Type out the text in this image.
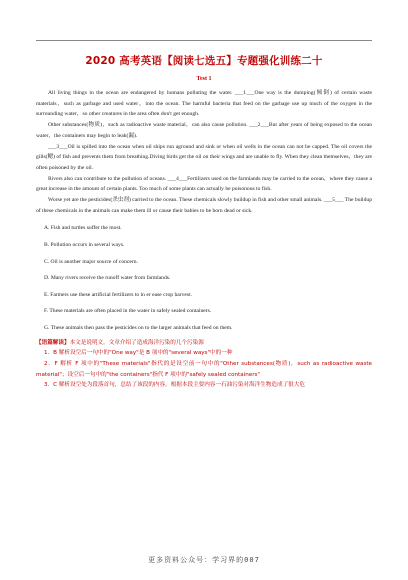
2020 高考英语【阅读七选五】专题强化训练二十
Test 1

All living things in the ocean are endangered by humans polluting the water. ___1___One way is the dumping(倾倒) of certain waste materials，such as garbage and used water，into the ocean. The harmful bacteria that feed on the garbage use up much of the oxygen in the surrounding water，so other creatures in the area often don't get enough.

Other substances(物质)，such as radioactive waste material，can also cause pollution. ___2___But after years of being exposed to the ocean water，the containers may begin to leak(漏).

___3___Oil is spilled into the ocean when oil ships run aground and sink or when oil wells in the ocean can not be capped. The oil covers the gills(鳃) of fish and prevents them from breathing.Diving birds get the oil on their wings and are unable to fly. When they clean themselves，they are often poisoned by the oil.

Rivers also can contribute to the pollution of oceans. ___4___Fertilizers used on the farmlands may be carried to the ocean，where they cause a great increase in the amount of certain plants. Too much of some plants can actually be poisonous to fish.

Worse yet are the pesticides(杀虫剂) carried to the ocean. These chemicals slowly buildup in fish and other small animals. ___5___ The buildup of these chemicals in the animals can make them ill or cause their babies to be born dead or sick.

A. Fish and turtles suffer the most.

B. Pollution occurs in several ways.

C. Oil is another major source of concern.

D. Many rivers receive the runoff water from farmlands.

E. Farmers use these artificial fertilizers to in er ease crop harvest.

F. These materials are often placed in the water in safely sealed containers.

G. These animals then pass the pesticides on to the larger animals that feed on them.

【语篇解读】本文是说明文。文章介绍了造成海洋污染的几个污染源

1．B 解析设空后一句中的"One way"是 B 项中的"several ways"中的一种

2．F 解析 F 项中的"These materials"指代的是设空前一句中的"Other substances(物质)，such as radioactive waste material"；设空后一句中的"the containers"指代 F 项中的"safely sealed containers"

3．C 解析设空处为段落首句，总结了该段的内容。根据本段主要内容一石油污染对海洋生物造成了很大危

更多资料公众号：学习界的007
